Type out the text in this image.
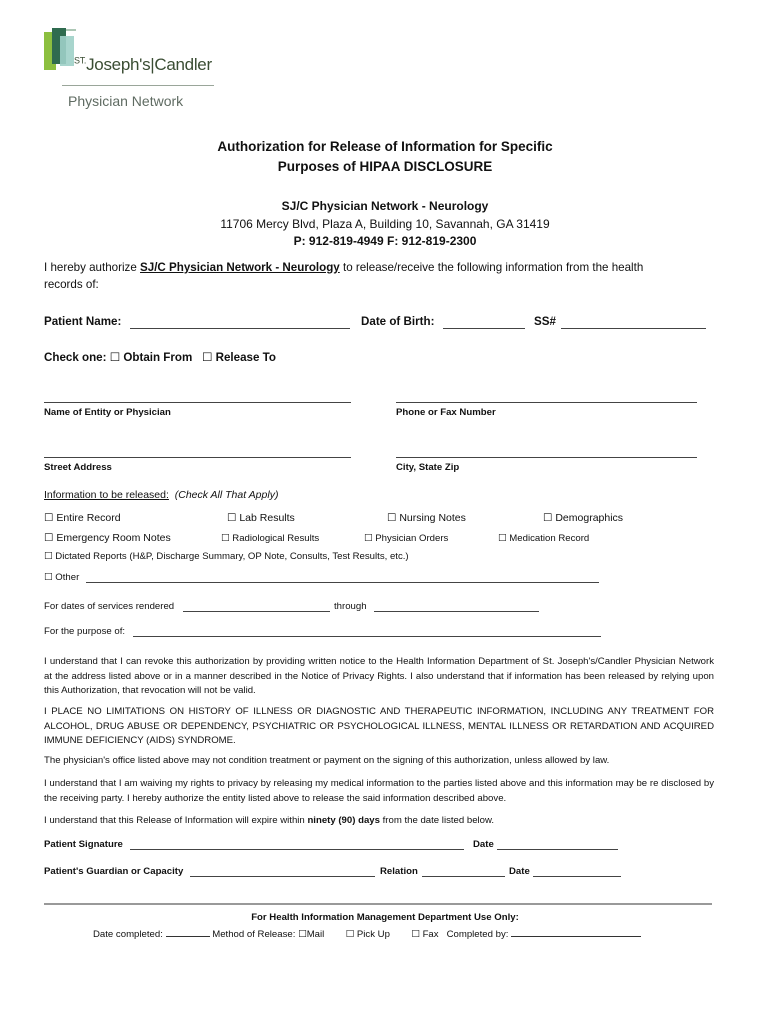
$^{ST.}$Joseph's|Candler
Physician Network
Authorization for Release of Information for Specific
Purposes of HIPAA DISCLOSURE
SJ/C Physician Network - Neurology
11706 Mercy Blvd, Plaza A, Building 10, Savannah, GA 31419
P: 912-819-4949 F: 912-819-2300
I hereby authorize SJ/C Physician Network - Neurology to release/receive the following information from the health
records of:
Patient Name:	Date of Birth:	SS#
Check one: ☐ Obtain From ☐ Release To
Name of Entity or Physician	Phone or Fax Number
Street Address	City, State Zip
Information to be released: (Check All That Apply)
☐ Entire Record	☐ Lab Results	☐ Nursing Notes	☐ Demographics
☐ Emergency Room Notes	☐ Radiological Results	☐ Physician Orders	☐ Medication Record
☐ Dictated Reports (H&P, Discharge Summary, OP Note, Consults, Test Results, etc.)
☐ Other
For dates of services rendered	through
For the purpose of:
I understand that I can revoke this authorization by providing written notice to the Health Information Department of St. Joseph's/Candler Physician Network at the address listed above or in a manner described in the Notice of Privacy Rights. I also understand that if information has been released by relying upon this Authorization, that revocation will not be valid.
I PLACE NO LIMITATIONS ON HISTORY OF ILLNESS OR DIAGNOSTIC AND THERAPEUTIC INFORMATION, INCLUDING ANY TREATMENT FOR ALCOHOL, DRUG ABUSE OR DEPENDENCY, PSYCHIATRIC OR PSYCHOLOGICAL ILLNESS, MENTAL ILLNESS OR RETARDATION AND ACQUIRED IMMUNE DEFICIENCY (AIDS) SYNDROME.
The physician's office listed above may not condition treatment or payment on the signing of this authorization, unless allowed by law.
I understand that I am waiving my rights to privacy by releasing my medical information to the parties listed above and this information may be re disclosed by the receiving party. I hereby authorize the entity listed above to release the said information described above.
I understand that this Release of Information will expire within ninety (90) days from the date listed below.
Patient Signature	Date
Patient's Guardian or Capacity	Relation	Date
For Health Information Management Department Use Only:
Date completed:	Method of Release: ☐Mail ☐ Pick Up ☐ Fax Completed by:
